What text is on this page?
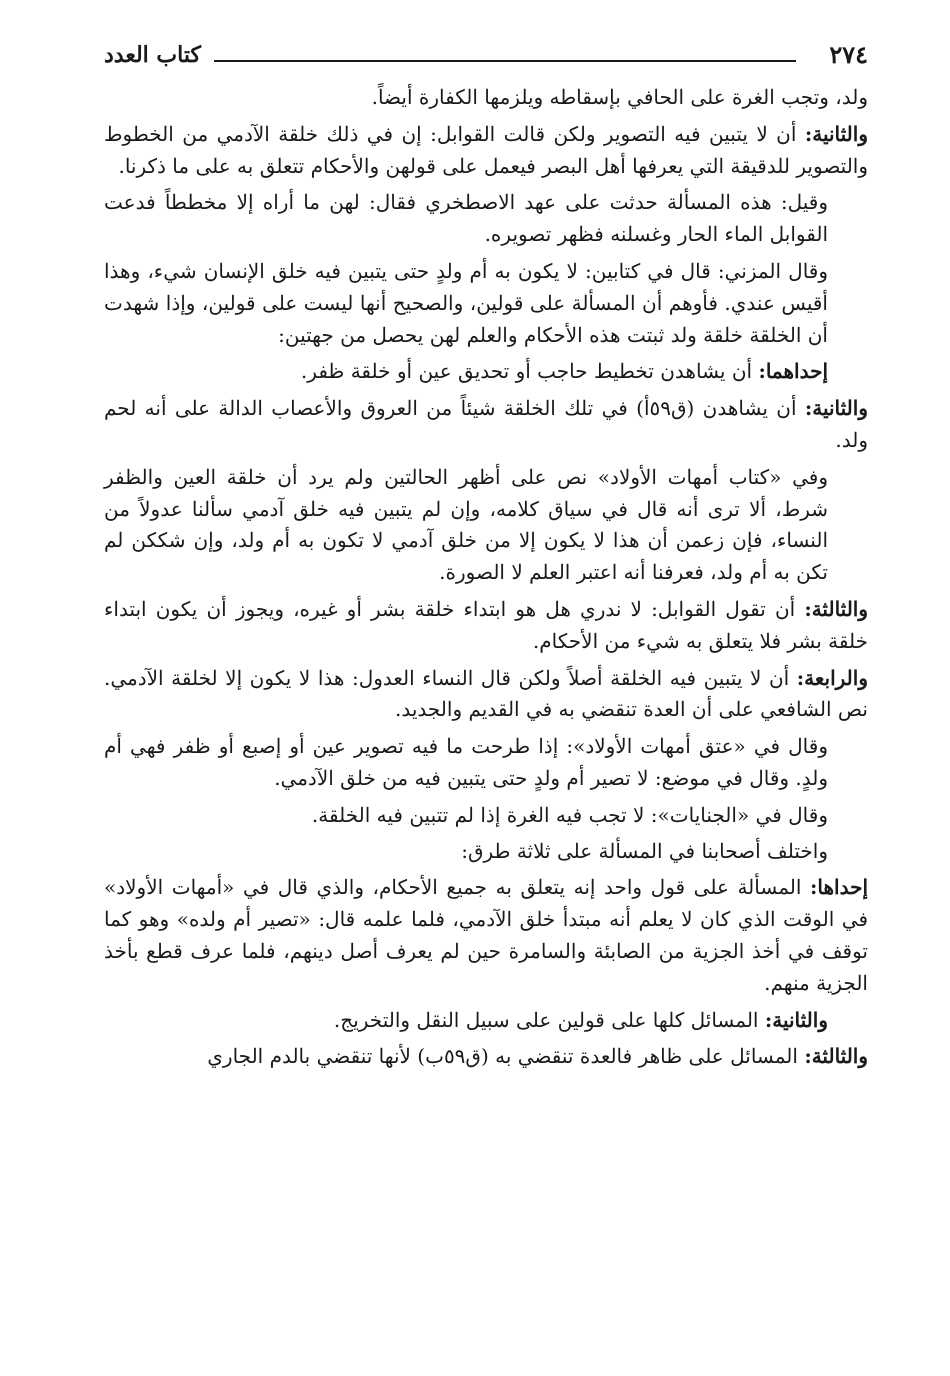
٢٧٤
كتاب العدد

ولد، وتجب الغرة على الحافي بإسقاطه ويلزمها الكفارة أيضاً.

والثانية: أن لا يتبين فيه التصوير ولكن قالت القوابل: إن في ذلك خلقة الآدمي من الخطوط والتصوير للدقيقة التي يعرفها أهل البصر فيعمل على قولهن والأحكام تتعلق به على ما ذكرنا.

وقيل: هذه المسألة حدثت على عهد الاصطخري فقال: لهن ما أراه إلا مخططاً فدعت القوابل الماء الحار وغسلنه فظهر تصويره.

وقال المزني: قال في كتابين: لا يكون به أم ولدٍ حتى يتبين فيه خلق الإنسان شيء، وهذا أقيس عندي. فأوهم أن المسألة على قولين، والصحيح أنها ليست على قولين، وإذا شهدت أن الخلقة خلقة ولد ثبتت هذه الأحكام والعلم لهن يحصل من جهتين:

إحداهما: أن يشاهدن تخطيط حاجب أو تحديق عين أو خلقة ظفر.

والثانية: أن يشاهدن (ق٥٩أ) في تلك الخلقة شيئاً من العروق والأعصاب الدالة على أنه لحم ولد.

وفي «كتاب أمهات الأولاد» نص على أظهر الحالتين ولم يرد أن خلقة العين والظفر شرط، ألا ترى أنه قال في سياق كلامه، وإن لم يتبين فيه خلق آدمي سألنا عدولاً من النساء، فإن زعمن أن هذا لا يكون إلا من خلق آدمي لا تكون به أم ولد، وإن شككن لم تكن به أم ولد، فعرفنا أنه اعتبر العلم لا الصورة.

والثالثة: أن تقول القوابل: لا ندري هل هو ابتداء خلقة بشر أو غيره، ويجوز أن يكون ابتداء خلقة بشر فلا يتعلق به شيء من الأحكام.

والرابعة: أن لا يتبين فيه الخلقة أصلاً ولكن قال النساء العدول: هذا لا يكون إلا لخلقة الآدمي. نص الشافعي على أن العدة تنقضي به في القديم والجديد.

وقال في «عتق أمهات الأولاد»: إذا طرحت ما فيه تصوير عين أو إصبع أو ظفر فهي أم ولدٍ. وقال في موضع: لا تصير أم ولدٍ حتى يتبين فيه من خلق الآدمي.

وقال في «الجنايات»: لا تجب فيه الغرة إذا لم تتبين فيه الخلقة.

واختلف أصحابنا في المسألة على ثلاثة طرق:

إحداها: المسألة على قول واحد إنه يتعلق به جميع الأحكام، والذي قال في «أمهات الأولاد» في الوقت الذي كان لا يعلم أنه مبتدأ خلق الآدمي، فلما علمه قال: «تصير أم ولده» وهو كما توقف في أخذ الجزية من الصابئة والسامرة حين لم يعرف أصل دينهم، فلما عرف قطع بأخذ الجزية منهم.

والثانية: المسائل كلها على قولين على سبيل النقل والتخريج.

والثالثة: المسائل على ظاهر فالعدة تنقضي به (ق٥٩ب) لأنها تنقضي بالدم الجاري
